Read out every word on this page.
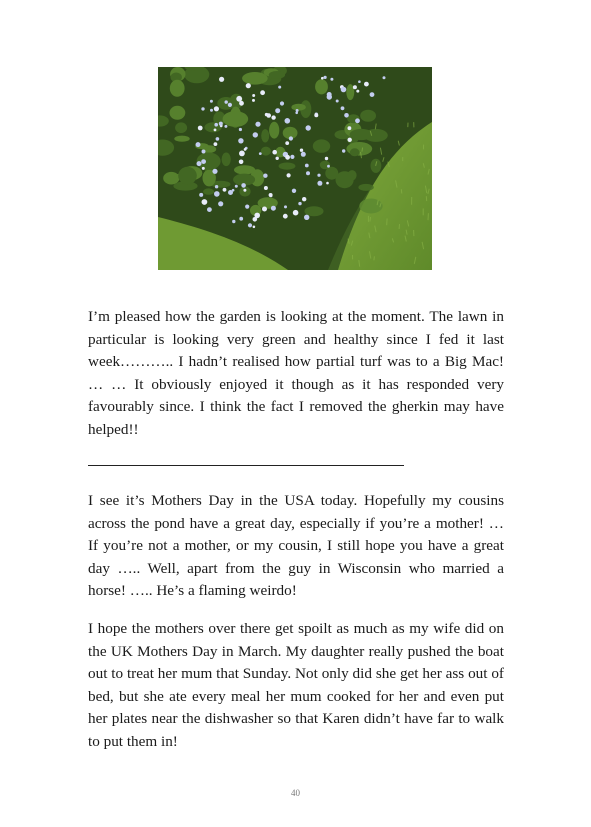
I’m pleased how the garden is looking at the moment. The lawn in particular is looking very green and healthy since I fed it last week……….. I hadn’t realised how partial turf was to a Big Mac! … … It obviously enjoyed it though as it has responded very favourably since. I think the fact I removed the gherkin may have helped!!

I see it’s Mothers Day in the USA today. Hopefully my cousins across the pond have a great day, especially if you’re a mother! … If you’re not a mother, or my cousin, I still hope you have a great day ….. Well, apart from the guy in Wisconsin who married a horse! ….. He’s a flaming weirdo!

I hope the mothers over there get spoilt as much as my wife did on the UK Mothers Day in March. My daughter really pushed the boat out to treat her mum that Sunday. Not only did she get her ass out of bed, but she ate every meal her mum cooked for her and even put her plates near the dishwasher so that Karen didn’t have far to walk to put them in!

40
